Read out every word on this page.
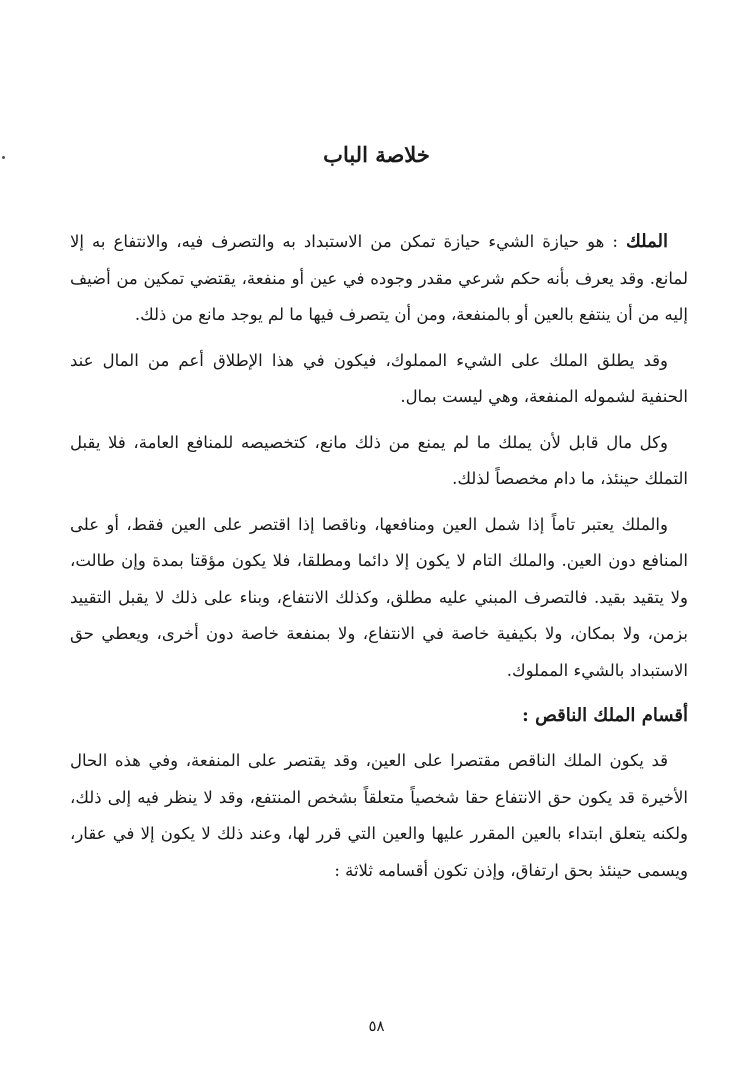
خلاصة الباب

الملك : هو حيازة الشيء حيازة تمكن من الاستبداد به والتصرف فيه، والانتفاع به إلا لمانع. وقد يعرف بأنه حكم شرعي مقدر وجوده في عين أو منفعة، يقتضي تمكين من أضيف إليه من أن ينتفع بالعين أو بالمنفعة، ومن أن يتصرف فيها ما لم يوجد مانع من ذلك.

وقد يطلق الملك على الشيء المملوك، فيكون في هذا الإطلاق أعم من المال عند الحنفية لشموله المنفعة، وهي ليست بمال.

وكل مال قابل لأن يملك ما لم يمنع من ذلك مانع، كتخصيصه للمنافع العامة، فلا يقبل التملك حينئذ، ما دام مخصصاً لذلك.

والملك يعتبر تاماً إذا شمل العين ومنافعها، وناقصا إذا اقتصر على العين فقط، أو على المنافع دون العين. والملك التام لا يكون إلا دائما ومطلقا، فلا يكون مؤقتا بمدة وإن طالت، ولا يتقيد بقيد. فالتصرف المبني عليه مطلق، وكذلك الانتفاع، وبناء على ذلك لا يقبل التقييد بزمن، ولا بمكان، ولا بكيفية خاصة في الانتفاع، ولا بمنفعة خاصة دون أخرى، ويعطي حق الاستبداد بالشيء المملوك.

أقسام الملك الناقص :

قد يكون الملك الناقص مقتصرا على العين، وقد يقتصر على المنفعة، وفي هذه الحال الأخيرة قد يكون حق الانتفاع حقا شخصياً متعلقاً بشخص المنتفع، وقد لا ينظر فيه إلى ذلك، ولكنه يتعلق ابتداء بالعين المقرر عليها والعين التي قرر لها، وعند ذلك لا يكون إلا في عقار، ويسمى حينئذ بحق ارتفاق، وإذن تكون أقسامه ثلاثة :

٥٨
